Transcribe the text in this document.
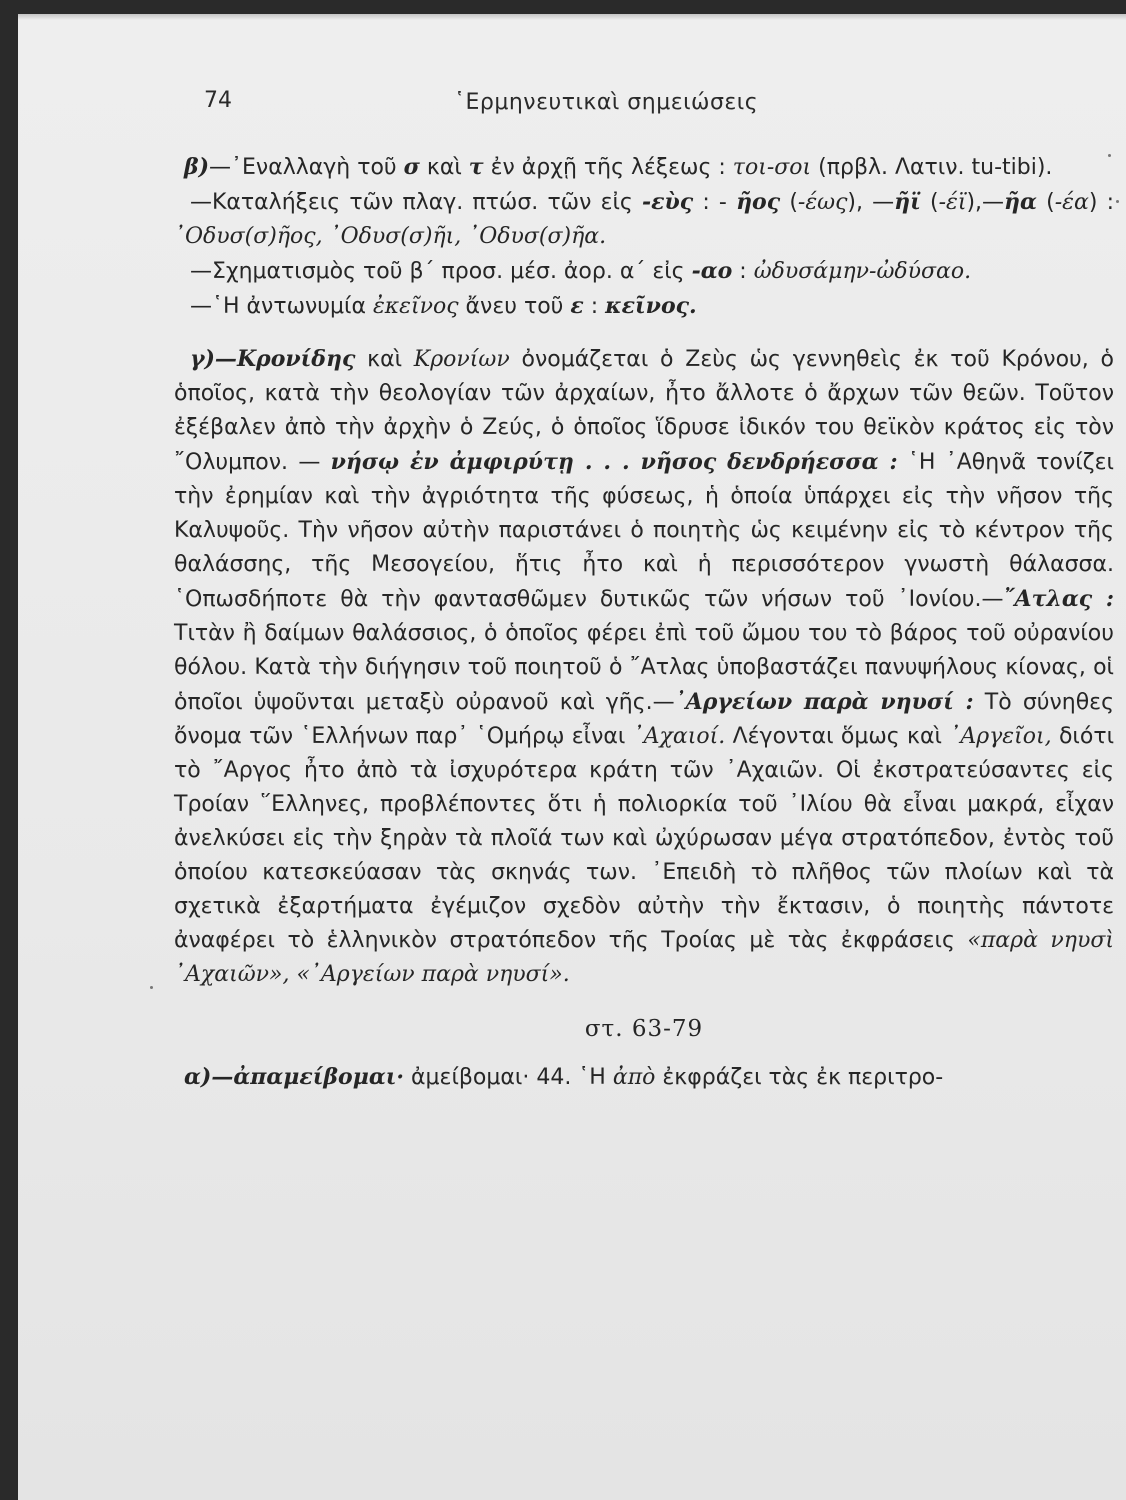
74	῾Ερμηνευτικαὶ σημειώσεις

β)—᾿Εναλλαγὴ τοῦ σ καὶ τ ἐν ἀρχῇ τῆς λέξεως : τοι-σοι (πρβλ. Λατιν. tu-tibi).

—Καταλήξεις τῶν πλαγ. πτώσ. τῶν εἰς -εὺς : - ῆος (-έως), —ῆϊ (-έϊ),—ῆα (-έα) : ᾿Οδυσ(σ)ῆος, ᾿Οδυσ(σ)ῆι, ᾿Οδυσ(σ)ῆα.

—Σχηματισμὸς τοῦ β΄ προσ. μέσ. ἀορ. α΄ εἰς -αο : ὠδυσάμην-ὠδύσαο.

—῾Η ἀντωνυμία ἐκεῖνος ἄνευ τοῦ ε : κεῖνος.

γ)—Κρονίδης καὶ Κρονίων ὀνομάζεται ὁ Ζεὺς ὡς γεννηθεὶς ἐκ τοῦ Κρόνου, ὁ ὁποῖος, κατὰ τὴν θεολογίαν τῶν ἀρχαίων, ἦτο ἄλλοτε ὁ ἄρχων τῶν θεῶν. Τοῦτον ἐξέβαλεν ἀπὸ τὴν ἀρχὴν ὁ Ζεύς, ὁ ὁποῖος ἵδρυσε ἰδικόν του θεϊκὸν κράτος εἰς τὸν ῎Ολυμπον. — νήσῳ ἐν ἀμφιρύτῃ . . . νῆσος δενδρήεσσα : ῾Η ᾿Αθηνᾶ τονίζει τὴν ἐρημίαν καὶ τὴν ἀγριότητα τῆς φύσεως, ἡ ὁποία ὑπάρχει εἰς τὴν νῆσον τῆς Καλυψοῦς. Τὴν νῆσον αὐτὴν παριστάνει ὁ ποιητὴς ὡς κειμένην εἰς τὸ κέντρον τῆς θαλάσσης, τῆς Μεσογείου, ἥτις ἦτο καὶ ἡ περισσότερον γνωστὴ θάλασσα. ῾Οπωσδήποτε θὰ τὴν φαντασθῶμεν δυτικῶς τῶν νήσων τοῦ ᾿Ιονίου.—῎Ατλας : Τιτὰν ἢ δαίμων θαλάσσιος, ὁ ὁποῖος φέρει ἐπὶ τοῦ ὤμου του τὸ βάρος τοῦ οὐρανίου θόλου. Κατὰ τὴν διήγησιν τοῦ ποιητοῦ ὁ ῎Ατλας ὑποβαστάζει πανυψήλους κίονας, οἱ ὁποῖοι ὑψοῦνται μεταξὺ οὐρανοῦ καὶ γῆς.—᾿Αργείων παρὰ νηυσί : Τὸ σύνηθες ὄνομα τῶν ῾Ελλήνων παρ᾿ ῾Ομήρῳ εἶναι ᾿Αχαιοί. Λέγονται ὅμως καὶ ᾿Αργεῖοι, διότι τὸ ῎Αργος ἦτο ἀπὸ τὰ ἰσχυρότερα κράτη τῶν ᾿Αχαιῶν. Οἱ ἐκστρατεύσαντες εἰς Τροίαν ῞Ελληνες, προβλέποντες ὅτι ἡ πολιορκία τοῦ ᾿Ιλίου θὰ εἶναι μακρά, εἶχαν ἀνελκύσει εἰς τὴν ξηρὰν τὰ πλοῖά των καὶ ὠχύρωσαν μέγα στρατόπεδον, ἐντὸς τοῦ ὁποίου κατεσκεύασαν τὰς σκηνάς των. ᾿Επειδὴ τὸ πλῆθος τῶν πλοίων καὶ τὰ σχετικὰ ἐξαρτήματα ἐγέμιζον σχεδὸν αὐτὴν τὴν ἔκτασιν, ὁ ποιητὴς πάντοτε ἀναφέρει τὸ ἑλληνικὸν στρατόπεδον τῆς Τροίας μὲ τὰς ἐκφράσεις «παρὰ νηυσὶ ᾿Αχαιῶν», «᾿Αργείων παρὰ νηυσί».

στ. 63-79

α)—ἀπαμείβομαι· ἀμείβομαι· 44. ῾Η ἀπὸ ἐκφράζει τὰς ἐκ περιτρο-
